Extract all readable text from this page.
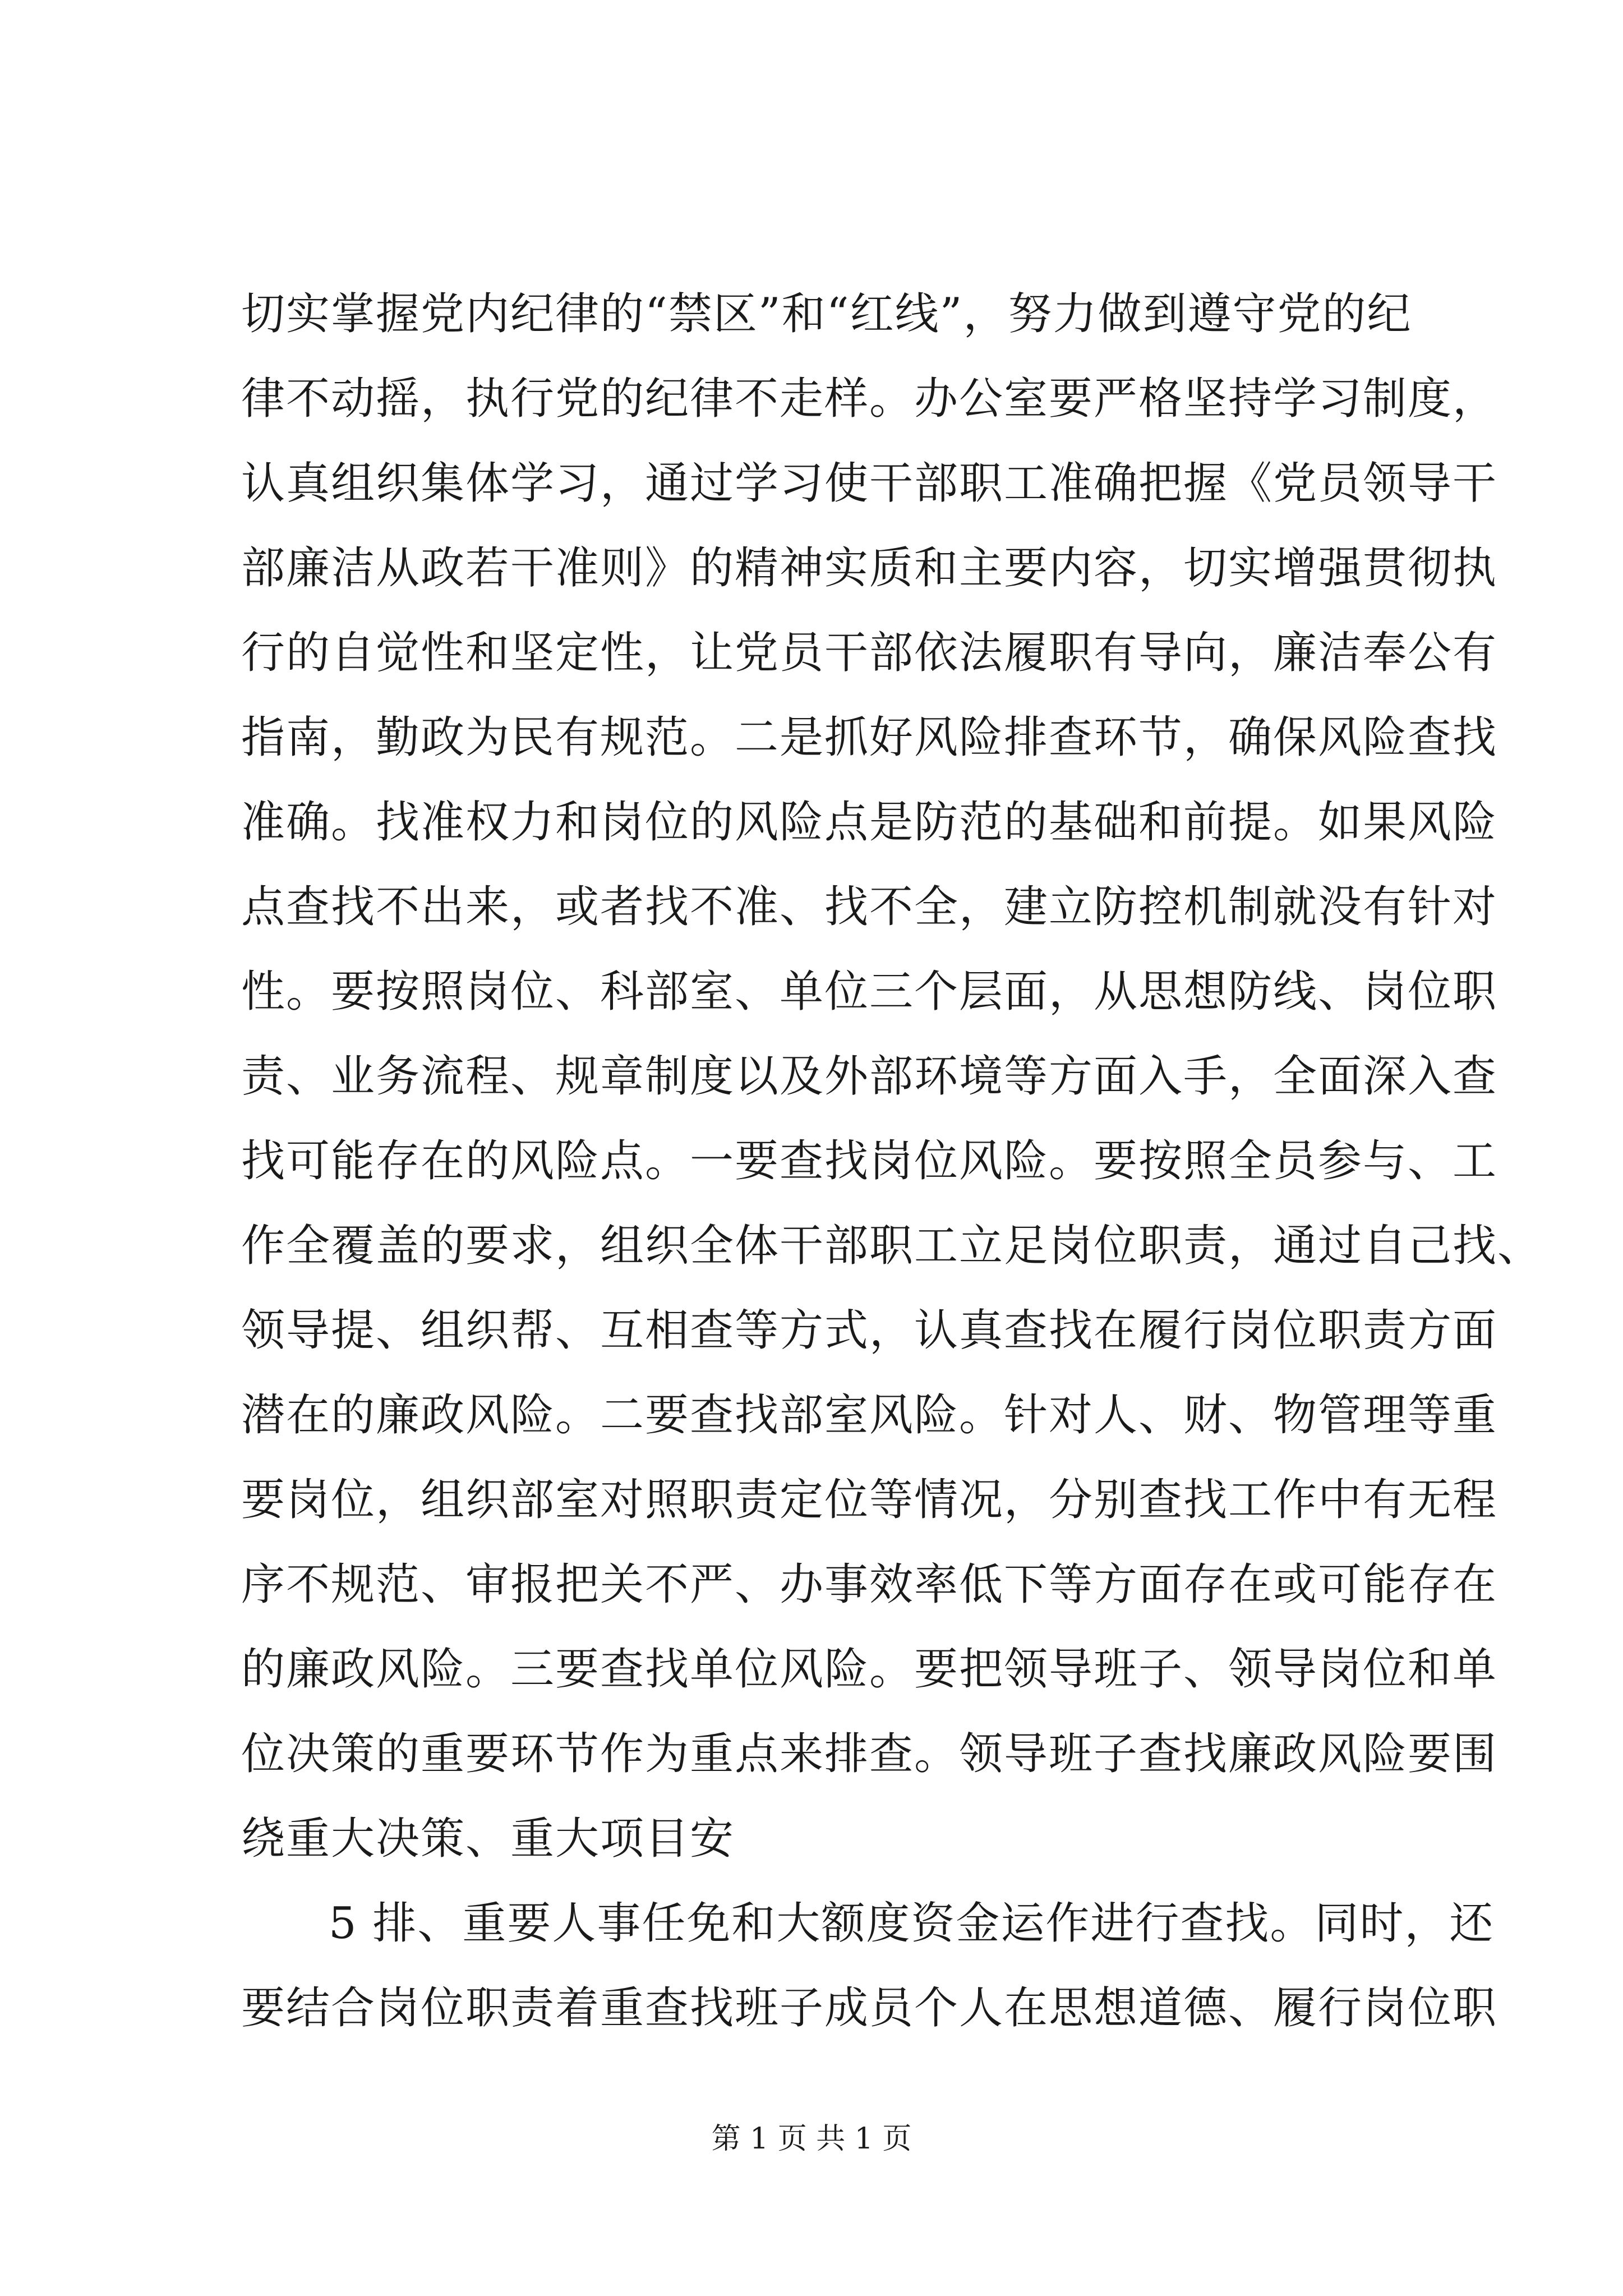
切实掌握党内纪律的“禁区”和“红线”，努力做到遵守党的纪
律不动摇，执行党的纪律不走样。办公室要严格坚持学习制度，
认真组织集体学习，通过学习使干部职工准确把握《党员领导干
部廉洁从政若干准则》的精神实质和主要内容，切实增强贯彻执
行的自觉性和坚定性，让党员干部依法履职有导向，廉洁奉公有
指南，勤政为民有规范。二是抓好风险排查环节，确保风险查找
准确。找准权力和岗位的风险点是防范的基础和前提。如果风险
点查找不出来，或者找不准、找不全，建立防控机制就没有针对
性。要按照岗位、科部室、单位三个层面，从思想防线、岗位职
责、业务流程、规章制度以及外部环境等方面入手，全面深入查
找可能存在的风险点。一要查找岗位风险。要按照全员参与、工
作全覆盖的要求，组织全体干部职工立足岗位职责，通过自己找、
领导提、组织帮、互相查等方式，认真查找在履行岗位职责方面
潜在的廉政风险。二要查找部室风险。针对人、财、物管理等重
要岗位，组织部室对照职责定位等情况，分别查找工作中有无程
序不规范、审报把关不严、办事效率低下等方面存在或可能存在
的廉政风险。三要查找单位风险。要把领导班子、领导岗位和单
位决策的重要环节作为重点来排查。领导班子查找廉政风险要围
绕重大决策、重大项目安
5 排、重要人事任免和大额度资金运作进行查找。同时，还
要结合岗位职责着重查找班子成员个人在思想道德、履行岗位职
第 1 页 共 1 页
